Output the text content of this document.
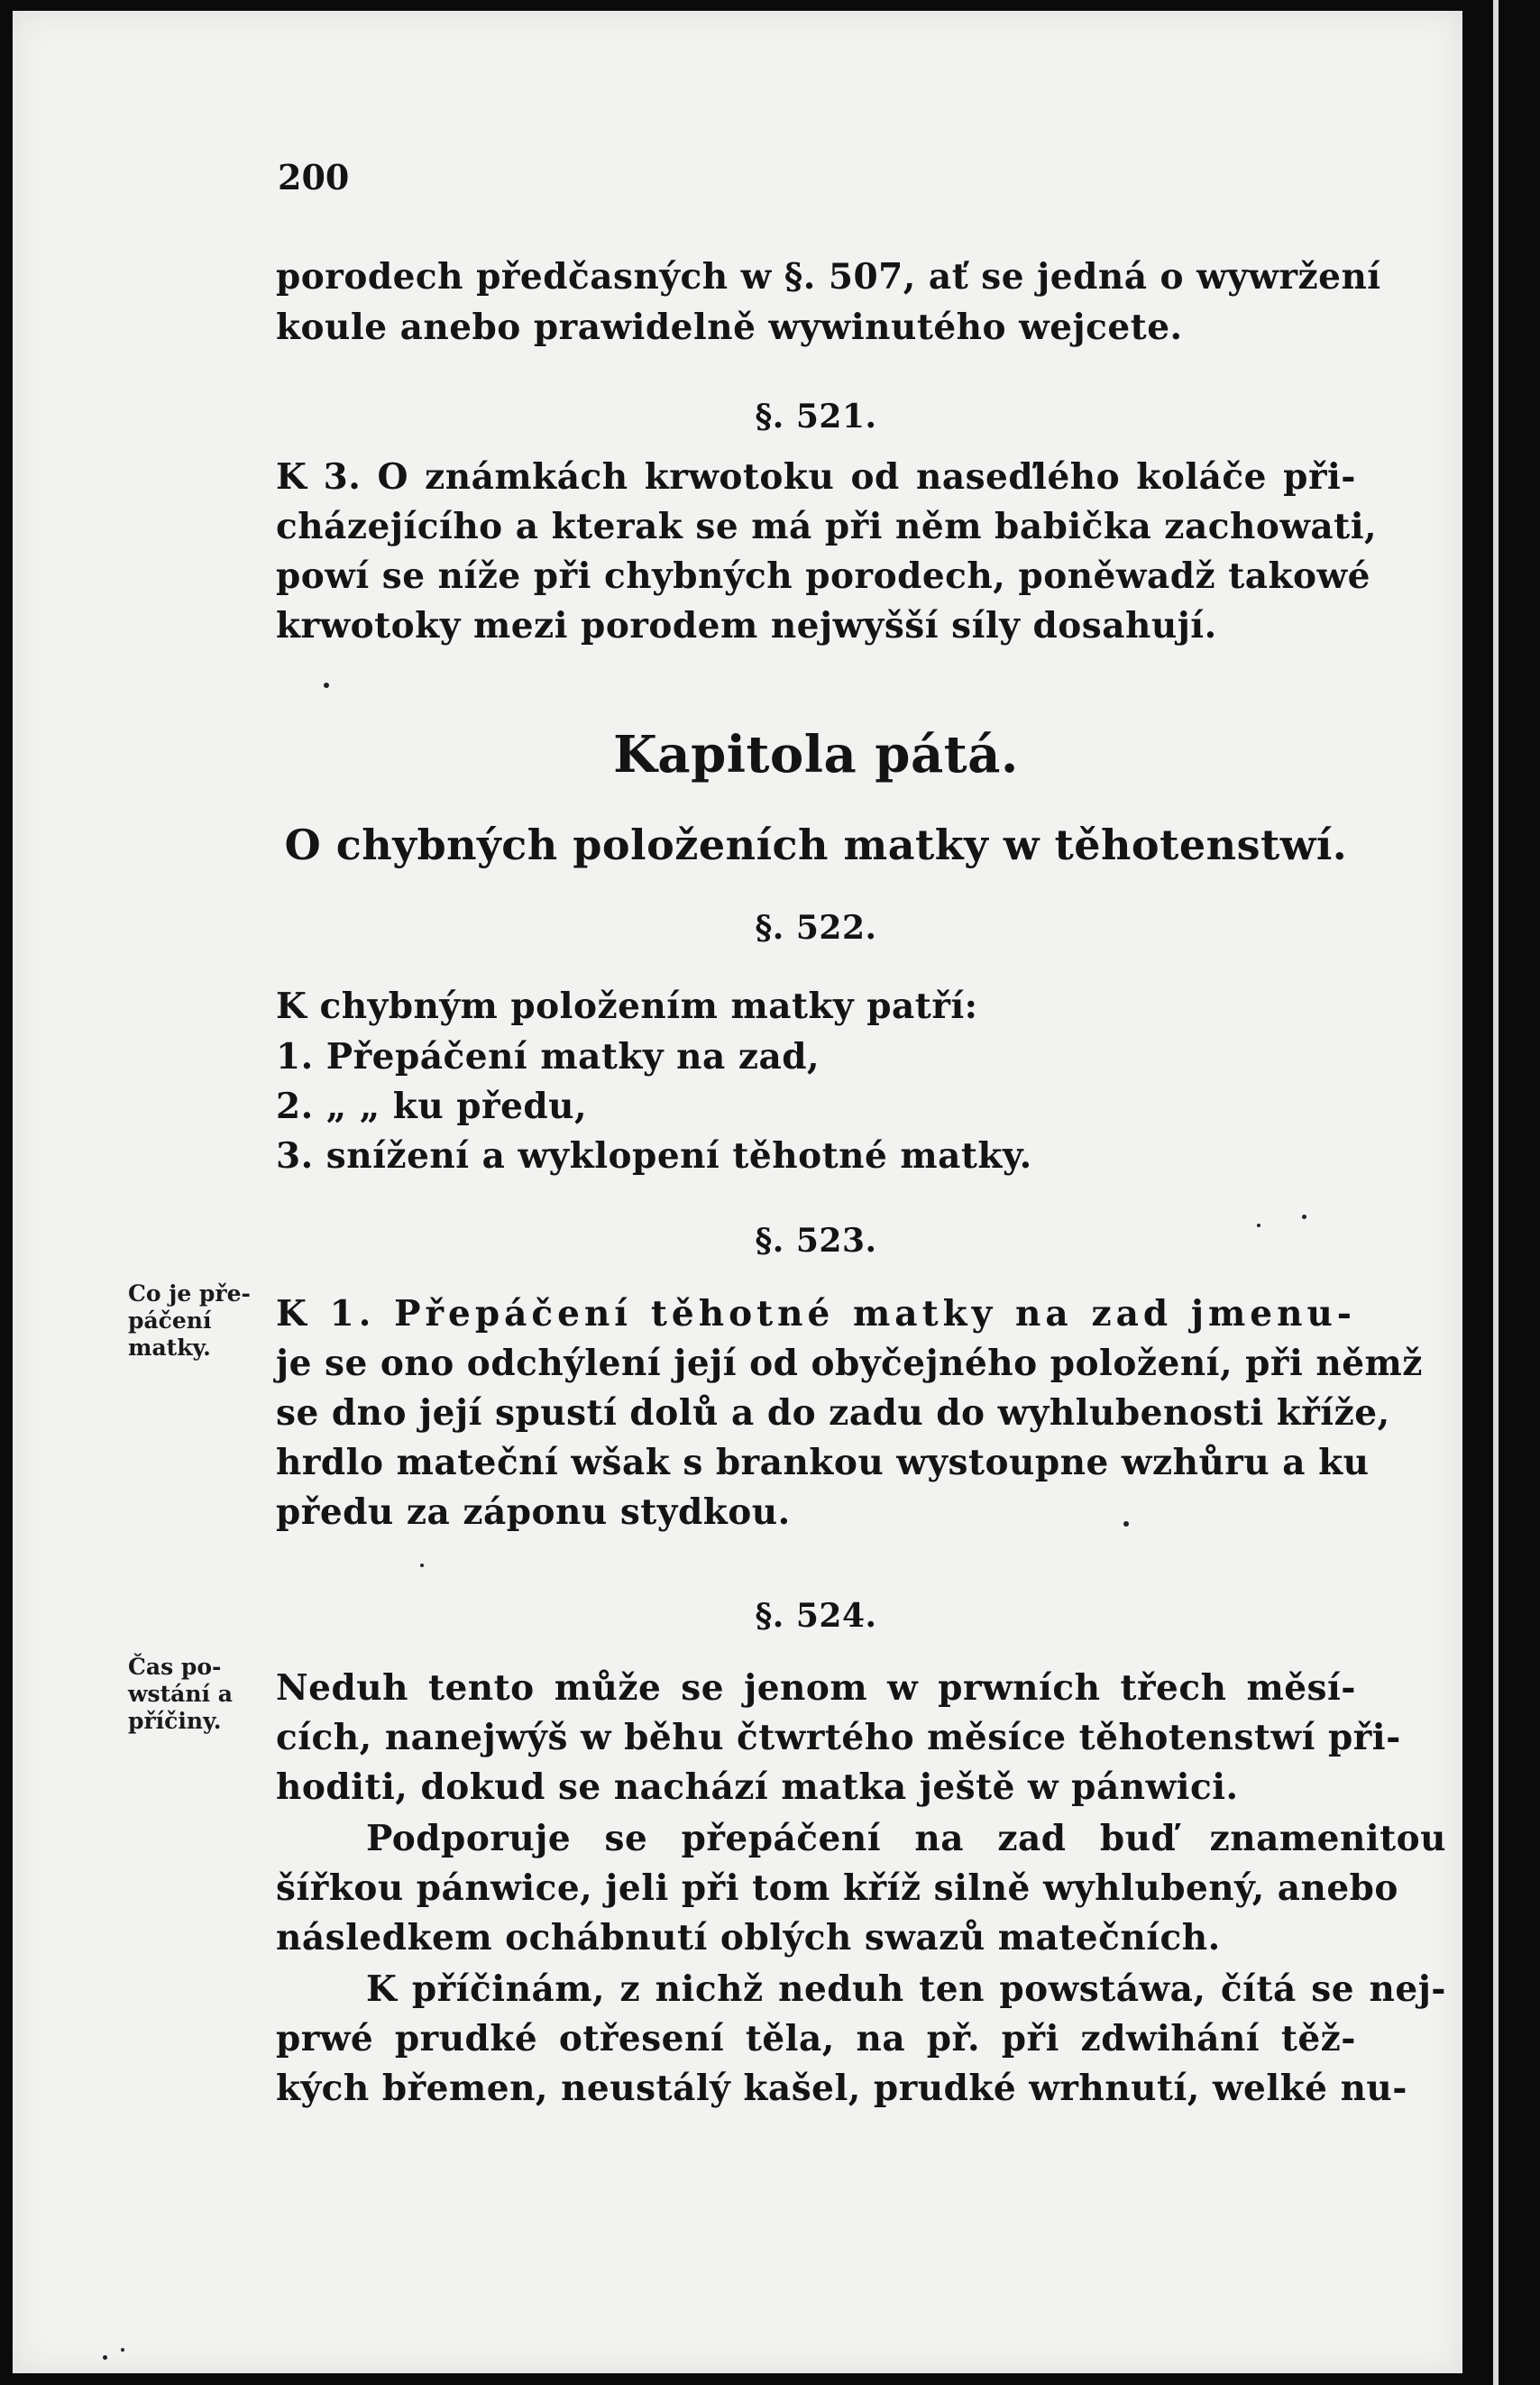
200
porodech předčasných w §. 507, ať se jedná o wywržení
koule anebo prawidelně wywinutého wejcete.
§. 521.
K 3. O známkách krwotoku od naseďlého koláče při-
cházejícího a kterak se má při něm babička zachowati,
powí se níže při chybných porodech, poněwadž takowé
krwotoky mezi porodem nejwyšší síly dosahují.
Kapitola pátá.
O chybných položeních matky w těhotenstwí.
§. 522.
K chybným položením matky patří:
1. Přepáčení matky na zad,
2. „ „ ku předu,
3. snížení a wyklopení těhotné matky.
§. 523.
K 1. Přepáčení těhotné matky na zad jmenu-
je se ono odchýlení její od obyčejného položení, při němž
se dno její spustí dolů a do zadu do wyhlubenosti kříže,
hrdlo mateční wšak s brankou wystoupne wzhůru a ku
předu za záponu stydkou.
§. 524.
Neduh tento může se jenom w prwních třech měsí-
cích, nanejwýš w běhu čtwrtého měsíce těhotenstwí při-
hoditi, dokud se nachází matka ještě w pánwici.
Podporuje se přepáčení na zad buď znamenitou
šířkou pánwice, jeli při tom kříž silně wyhlubený, anebo
následkem ochábnutí oblých swazů matečních.
K příčinám, z nichž neduh ten powstáwa, čítá se nej-
prwé prudké otřesení těla, na př. při zdwihání těž-
kých břemen, neustálý kašel, prudké wrhnutí, welké nu-
Co je pře-
páčení
matky.
Čas po-
wstání a
příčiny.
